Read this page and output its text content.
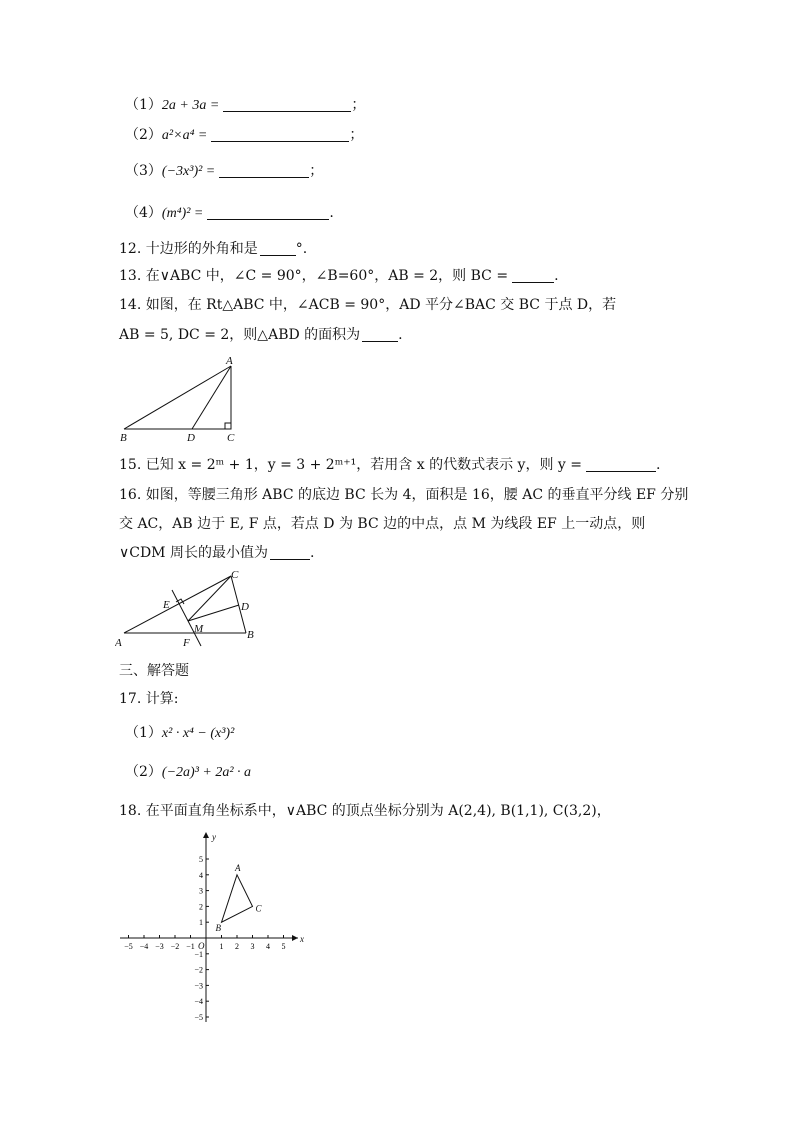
（1）2a + 3a =	；
（2）a²×a⁴ =	；
（3）(−3x³)² =	；
（4）(m⁴)² =	.
12. 十边形的外角和是	°.
13. 在∨ABC 中，∠C = 90°，∠B=60°，AB = 2，则 BC =	.
14. 如图，在 Rt△ABC 中，∠ACB = 90°，AD 平分∠BAC 交 BC 于点 D，若
AB = 5, DC = 2，则△ABD 的面积为	.
A
B	D	C
15. 已知 x = 2ᵐ + 1，y = 3 + 2ᵐ⁺¹，若用含 x 的代数式表示 y，则 y =	.
16. 如图，等腰三角形 ABC 的底边 BC 长为 4，面积是 16，腰 AC 的垂直平分线 EF 分别
交 AC，AB 边于 E, F 点，若点 D 为 BC 边的中点，点 M 为线段 EF 上一动点，则
∨CDM 周长的最小值为	.
A
B
C
D
E
F
M
三、解答题
17. 计算:
（1）x² · x⁴ − (x³)²
（2）(−2a)³ + 2a² · a
18. 在平面直角坐标系中，∨ABC 的顶点坐标分别为 A(2,4), B(1,1), C(3,2)，
−5 −4 −3 −2 −1	1 2 3 4 5
5
4
3
2
1
−1
−2
−3
−4
−5
x
y
O
A
B
C
